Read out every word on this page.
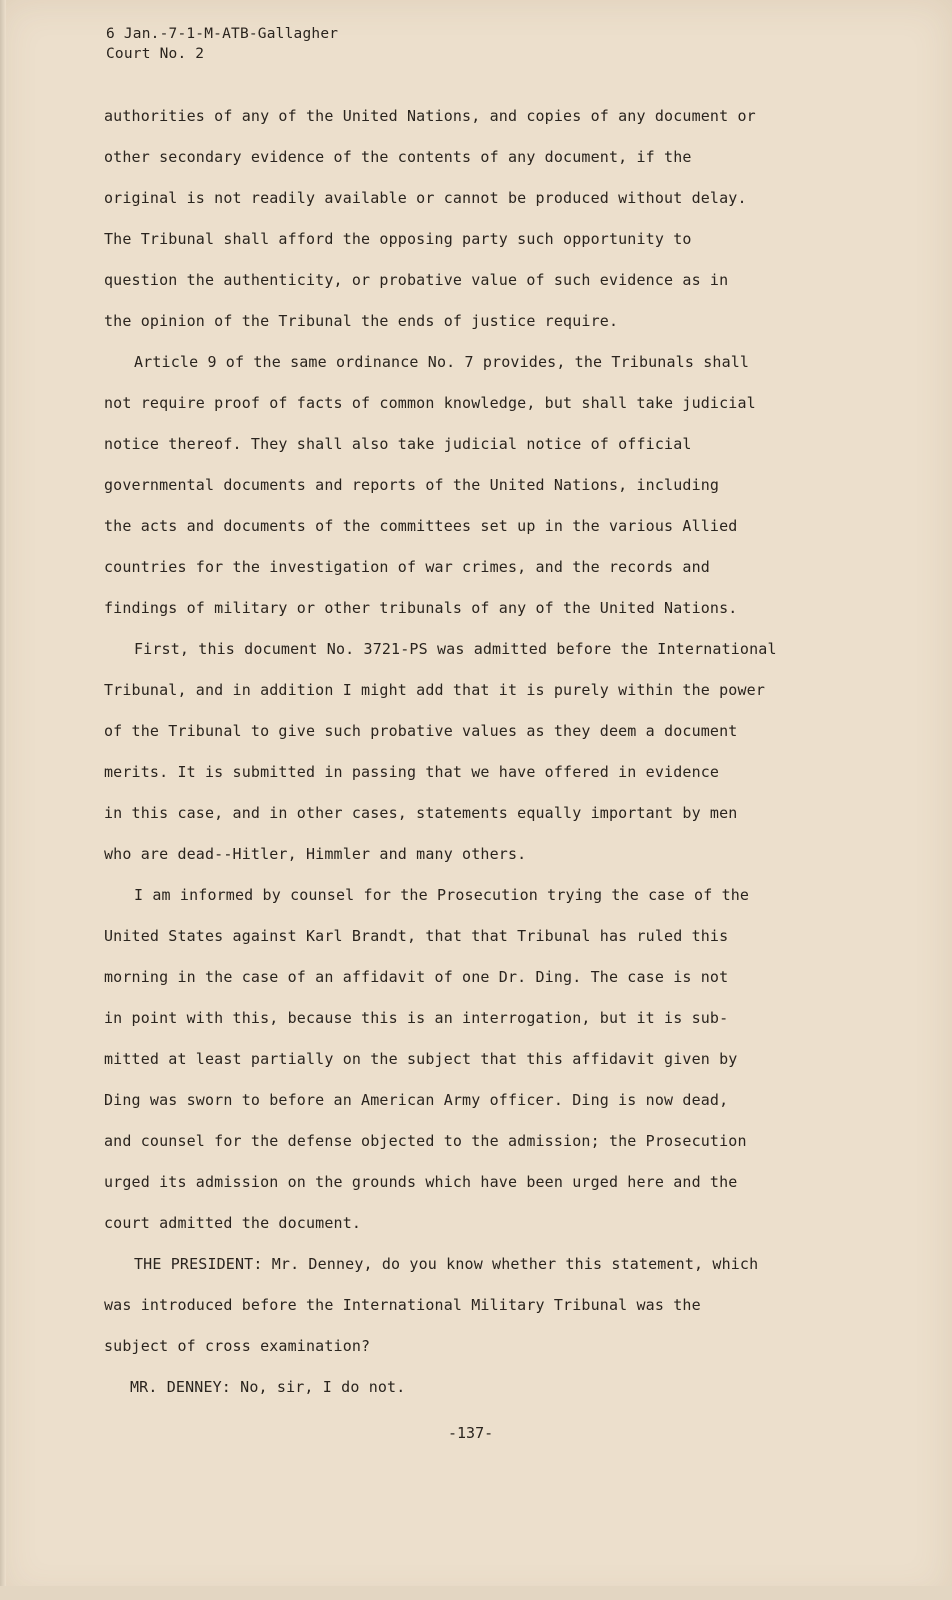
6 Jan.-7-1-M-ATB-Gallagher
Court No. 2
authorities of any of the United Nations, and copies of any document or
other secondary evidence of the contents of any document, if the
original is not readily available or cannot be produced without delay.
The Tribunal shall afford the opposing party such opportunity to
question the authenticity, or probative value of such evidence as in
the opinion of the Tribunal the ends of justice require.
Article 9 of the same ordinance No. 7 provides, the Tribunals shall
not require proof of facts of common knowledge, but shall take judicial
notice thereof. They shall also take judicial notice of official
governmental documents and reports of the United Nations, including
the acts and documents of the committees set up in the various Allied
countries for the investigation of war crimes, and the records and
findings of military or other tribunals of any of the United Nations.
First, this document No. 3721-PS was admitted before the International
Tribunal, and in addition I might add that it is purely within the power
of the Tribunal to give such probative values as they deem a document
merits. It is submitted in passing that we have offered in evidence
in this case, and in other cases, statements equally important by men
who are dead--Hitler, Himmler and many others.
I am informed by counsel for the Prosecution trying the case of the
United States against Karl Brandt, that that Tribunal has ruled this
morning in the case of an affidavit of one Dr. Ding. The case is not
in point with this, because this is an interrogation, but it is sub-
mitted at least partially on the subject that this affidavit given by
Ding was sworn to before an American Army officer. Ding is now dead,
and counsel for the defense objected to the admission; the Prosecution
urged its admission on the grounds which have been urged here and the
court admitted the document.
THE PRESIDENT: Mr. Denney, do you know whether this statement, which
was introduced before the International Military Tribunal was the
subject of cross examination?
MR. DENNEY: No, sir, I do not.
-137-
